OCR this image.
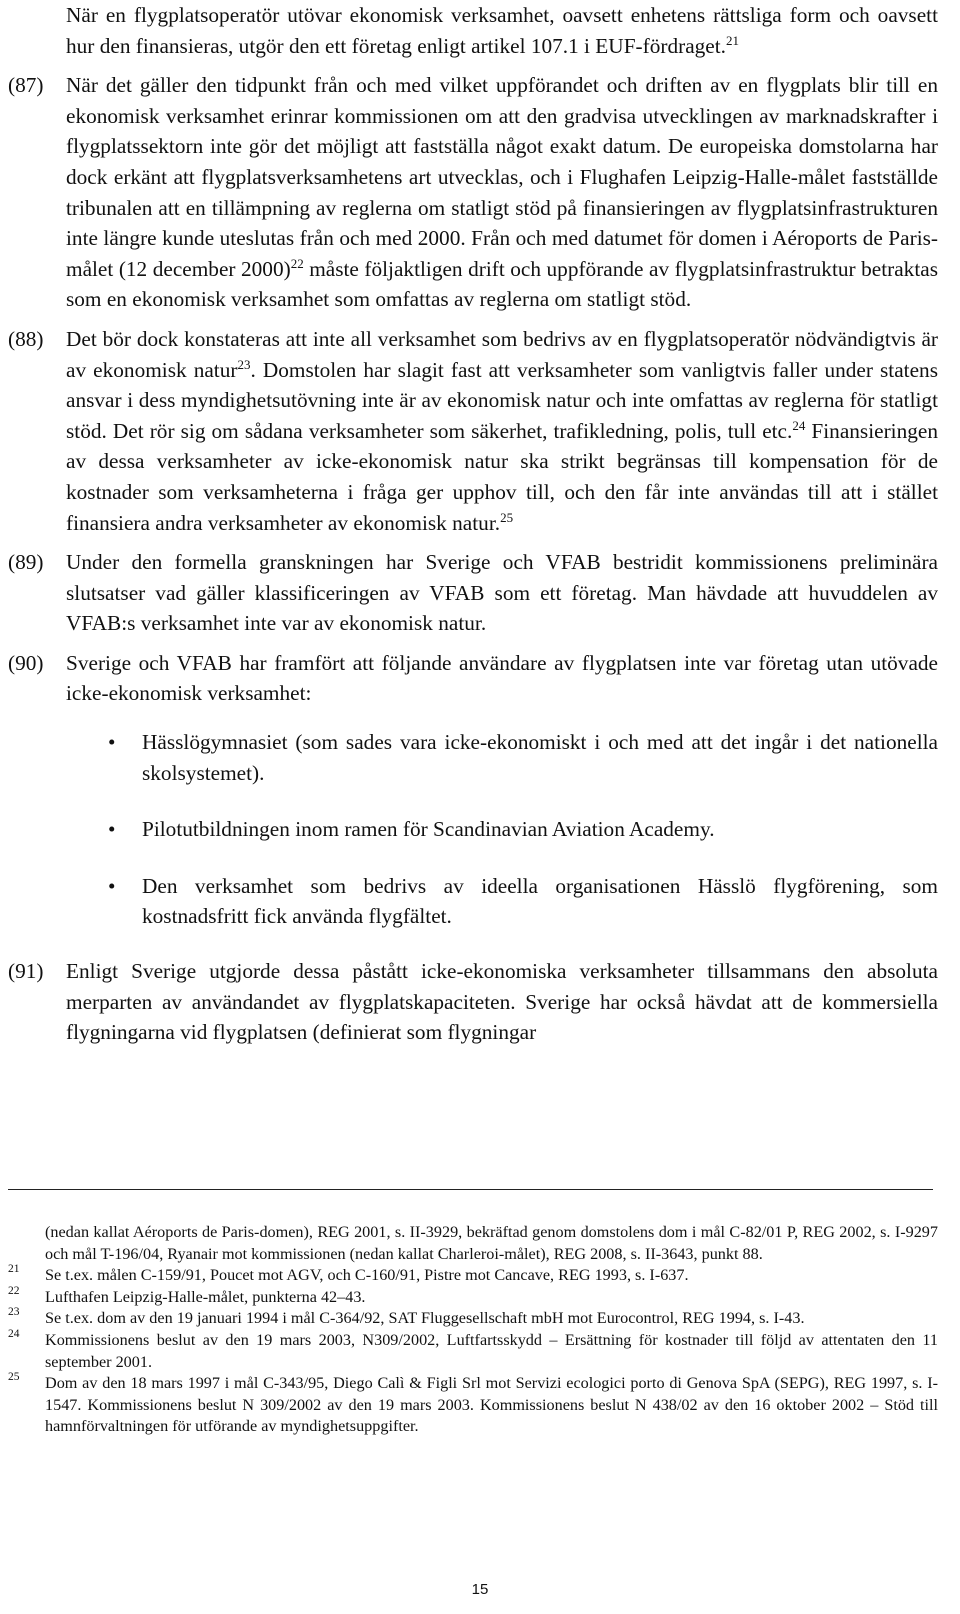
När en flygplatsoperatör utövar ekonomisk verksamhet, oavsett enhetens rättsliga form och oavsett hur den finansieras, utgör den ett företag enligt artikel 107.1 i EUF-fördraget.$^{21}$

(87) När det gäller den tidpunkt från och med vilket uppförandet och driften av en flygplats blir till en ekonomisk verksamhet erinrar kommissionen om att den gradvisa utvecklingen av marknadskrafter i flygplatssektorn inte gör det möjligt att fastställa något exakt datum. De europeiska domstolarna har dock erkänt att flygplatsverksamhetens art utvecklas, och i Flughafen Leipzig-Halle-målet fastställde tribunalen att en tillämpning av reglerna om statligt stöd på finansieringen av flygplatsinfrastrukturen inte längre kunde uteslutas från och med 2000. Från och med datumet för domen i Aéroports de Paris-målet (12 december 2000)$^{22}$ måste följaktligen drift och uppförande av flygplatsinfrastruktur betraktas som en ekonomisk verksamhet som omfattas av reglerna om statligt stöd.
(88) Det bör dock konstateras att inte all verksamhet som bedrivs av en flygplatsoperatör nödvändigtvis är av ekonomisk natur$^{23}$. Domstolen har slagit fast att verksamheter som vanligtvis faller under statens ansvar i dess myndighetsutövning inte är av ekonomisk natur och inte omfattas av reglerna för statligt stöd. Det rör sig om sådana verksamheter som säkerhet, trafikledning, polis, tull etc.$^{24}$ Finansieringen av dessa verksamheter av icke-ekonomisk natur ska strikt begränsas till kompensation för de kostnader som verksamheterna i fråga ger upphov till, och den får inte användas till att i stället finansiera andra verksamheter av ekonomisk natur.$^{25}$
(89) Under den formella granskningen har Sverige och VFAB bestridit kommissionens preliminära slutsatser vad gäller klassificeringen av VFAB som ett företag. Man hävdade att huvuddelen av VFAB:s verksamhet inte var av ekonomisk natur.
(90) Sverige och VFAB har framfört att följande användare av flygplatsen inte var företag utan utövade icke-ekonomisk verksamhet:
• Hässlögymnasiet (som sades vara icke-ekonomiskt i och med att det ingår i det nationella skolsystemet).
• Pilotutbildningen inom ramen för Scandinavian Aviation Academy.
• Den verksamhet som bedrivs av ideella organisationen Hässlö flygförening, som kostnadsfritt fick använda flygfältet.
(91) Enligt Sverige utgjorde dessa påstått icke-ekonomiska verksamheter tillsammans den absoluta merparten av användandet av flygplatskapaciteten. Sverige har också hävdat att de kommersiella flygningarna vid flygplatsen (definierat som flygningar

(nedan kallat Aéroports de Paris-domen), REG 2001, s. II-3929, bekräftad genom domstolens dom i mål C-82/01 P, REG 2002, s. I-9297 och mål T-196/04, Ryanair mot kommissionen (nedan kallat Charleroi-målet), REG 2008, s. II-3643, punkt 88.

21 Se t.ex. målen C-159/91, Poucet mot AGV, och C-160/91, Pistre mot Cancave, REG 1993, s. I-637.
22 Lufthafen Leipzig-Halle-målet, punkterna 42–43.
23 Se t.ex. dom av den 19 januari 1994 i mål C-364/92, SAT Fluggesellschaft mbH mot Eurocontrol, REG 1994, s. I-43.
24 Kommissionens beslut av den 19 mars 2003, N309/2002, Luftfartsskydd – Ersättning för kostnader till följd av attentaten den 11 september 2001.
25 Dom av den 18 mars 1997 i mål C-343/95, Diego Calì & Figli Srl mot Servizi ecologici porto di Genova SpA (SEPG), REG 1997, s. I-1547. Kommissionens beslut N 309/2002 av den 19 mars 2003. Kommissionens beslut N 438/02 av den 16 oktober 2002 – Stöd till hamnförvaltningen för utförande av myndighetsuppgifter.
15
